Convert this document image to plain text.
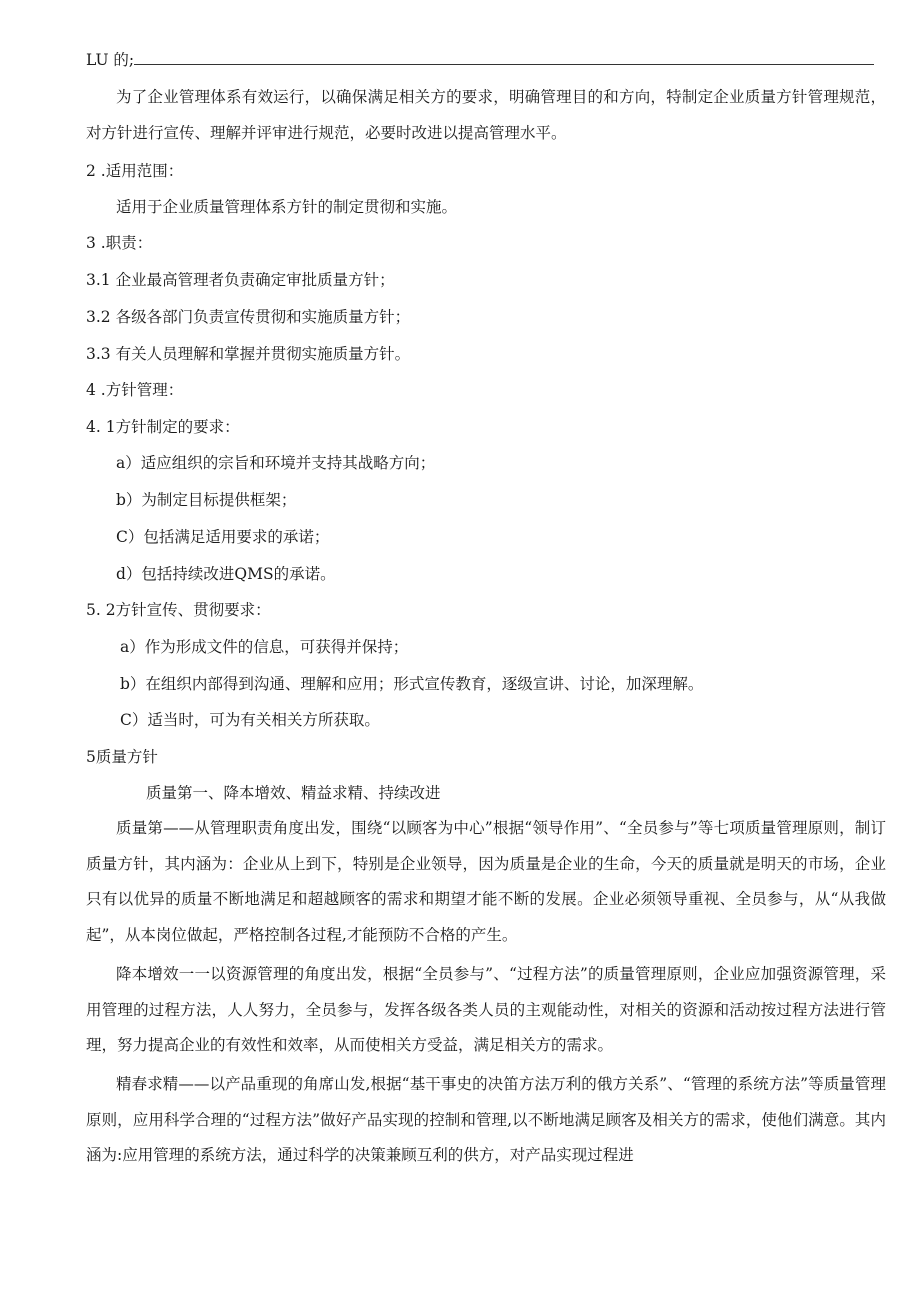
LU 的;

为了企业管理体系有效运行，以确保满足相关方的要求，明确管理目的和方向，特制定企业质量方针管理规范，对方针进行宣传、理解并评审进行规范，必要时改进以提高管理水平。

2 .适用范围：
适用于企业质量管理体系方针的制定贯彻和实施。
3 .职责：
3.1 企业最高管理者负责确定审批质量方针；
3.2 各级各部门负责宣传贯彻和实施质量方针；
3.3 有关人员理解和掌握并贯彻实施质量方针。
4 .方针管理：
4. 1方针制定的要求：
a）适应组织的宗旨和环境并支持其战略方向；
b）为制定目标提供框架；
C）包括满足适用要求的承诺；
d）包括持续改进QMS的承诺。
5. 2方针宣传、贯彻要求：
a）作为形成文件的信息，可获得并保持；
b）在组织内部得到沟通、理解和应用；形式宣传教育，逐级宣讲、讨论，加深理解。
C）适当时，可为有关相关方所获取。
5质量方针
质量第一、降本增效、精益求精、持续改进

质量第——从管理职责角度出发，围绕“以顾客为中心”根据“领导作用”、“全员参与”等七项质量管理原则，制订质量方针，其内涵为：企业从上到下，特别是企业领导，因为质量是企业的生命，今天的质量就是明天的市场，企业只有以优异的质量不断地满足和超越顾客的需求和期望才能不断的发展。企业必须领导重视、全员参与，从“从我做起”，从本岗位做起，严格控制各过程,才能预防不合格的产生。

降本增效一一以资源管理的角度出发，根据“全员参与”、“过程方法”的质量管理原则，企业应加强资源管理，采用管理的过程方法，人人努力，全员参与，发挥各级各类人员的主观能动性，对相关的资源和活动按过程方法进行管理，努力提高企业的有效性和效率，从而使相关方受益，满足相关方的需求。

精春求精——以产品重现的角席山发,根据“基干事史的决笛方法万利的俄方关系”、“管理的系统方法”等质量管理原则，应用科学合理的“过程方法”做好产品实现的控制和管理,以不断地满足顾客及相关方的需求，使他们满意。其内涵为:应用管理的系统方法，通过科学的决策兼顾互利的供方，对产品实现过程进
